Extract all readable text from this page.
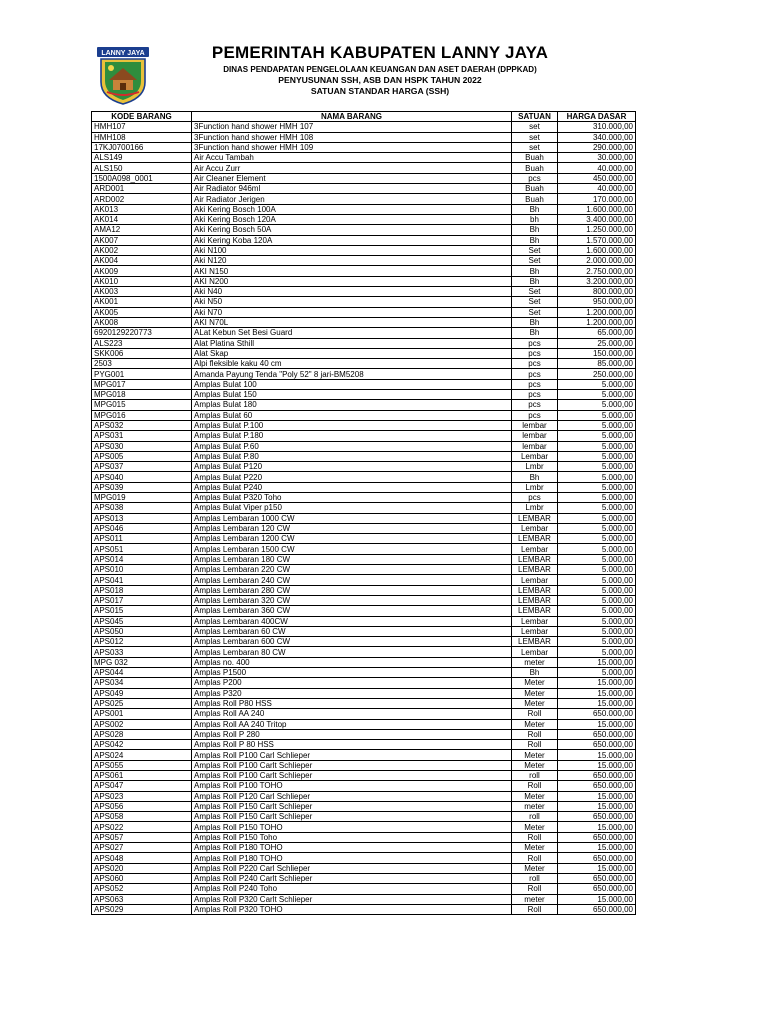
LANNY JAYA	PEMERINTAH KABUPATEN LANNY JAYA
DINAS PENDAPATAN PENGELOLAAN KEUANGAN DAN ASET DAERAH (DPPKAD)
PENYUSUNAN SSH, ASB DAN HSPK TAHUN 2022
SATUAN STANDAR HARGA (SSH)
KODE BARANG	NAMA BARANG	SATUAN	HARGA DASAR
HMH107	3Function hand shower HMH 107	set	310.000,00
HMH108	3Function hand shower HMH 108	set	340.000,00
17KJ0700166	3Function hand shower HMH 109	set	290.000,00
ALS149	Air Accu Tambah	Buah	30.000,00
ALS150	Air Accu Zurr	Buah	40.000,00
1500A098_0001	Air Cleaner Element	pcs	450.000,00
ARD001	Air Radiator 946ml	Buah	40.000,00
ARD002	Air Radiator Jerigen	Buah	170.000,00
AK013	Aki Kering Bosch 100A	Bh	1.600.000,00
AK014	Aki Kering Bosch 120A	bh	3.400.000,00
AMA12	Aki Kering Bosch 50A	Bh	1.250.000,00
AK007	Aki Kering Koba 120A	Bh	1.570.000,00
AK002	Aki N100	Set	1.600.000,00
AK004	Aki N120	Set	2.000.000,00
AK009	AKI N150	Bh	2.750.000,00
AK010	AKI N200	Bh	3.200.000,00
AK003	Aki N40	Set	800.000,00
AK001	Aki N50	Set	950.000,00
AK005	Aki N70	Set	1.200.000,00
AK008	AKI N70L	Bh	1.200.000,00
6920129220773	ALat Kebun Set Besi Guard	Bh	65.000,00
ALS223	Alat Platina Sthill	pcs	25.000,00
SKK006	Alat Skap	pcs	150.000,00
2503	Alpi fleksible kaku 40 cm	pcs	85.000,00
PYG001	Amanda Payung Tenda "Poly 52" 8 jari-BM5208	pcs	250.000,00
MPG017	Amplas Bulat 100	pcs	5.000,00
MPG018	Amplas Bulat 150	pcs	5.000,00
MPG015	Amplas Bulat 180	pcs	5.000,00
MPG016	Amplas Bulat 60	pcs	5.000,00
APS032	Amplas Bulat P.100	lembar	5.000,00
APS031	Amplas Bulat P.180	lembar	5.000,00
APS030	Amplas Bulat P.60	lembar	5.000,00
APS005	Amplas Bulat P.80	Lembar	5.000,00
APS037	Amplas Bulat P120	Lmbr	5.000,00
APS040	Amplas Bulat P220	Bh	5.000,00
APS039	Amplas Bulat P240	Lmbr	5.000,00
MPG019	Amplas Bulat P320 Toho	pcs	5.000,00
APS038	Amplas Bulat Viper p150	Lmbr	5.000,00
APS013	Amplas Lembaran 1000 CW	LEMBAR	5.000,00
APS046	Amplas Lembaran 120 CW	Lembar	5.000,00
APS011	Amplas Lembaran 1200 CW	LEMBAR	5.000,00
APS051	Amplas Lembaran 1500 CW	Lembar	5.000,00
APS014	Amplas Lembaran 180 CW	LEMBAR	5.000,00
APS010	Amplas Lembaran 220 CW	LEMBAR	5.000,00
APS041	Amplas Lembaran 240 CW	Lembar	5.000,00
APS018	Amplas Lembaran 280 CW	LEMBAR	5.000,00
APS017	Amplas Lembaran 320 CW	LEMBAR	5.000,00
APS015	Amplas Lembaran 360 CW	LEMBAR	5.000,00
APS045	Amplas Lembaran 400CW	Lembar	5.000,00
APS050	Amplas Lembaran 60 CW	Lembar	5.000,00
APS012	Amplas Lembaran 600 CW	LEMBAR	5.000,00
APS033	Amplas Lembaran 80 CW	Lembar	5.000,00
MPG 032	Amplas no. 400	meter	15.000,00
APS044	Amplas P1500	Bh	5.000,00
APS034	Amplas P200	Meter	15.000,00
APS049	Amplas P320	Meter	15.000,00
APS025	Amplas Roll P80 HSS	Meter	15.000,00
APS001	Amplas Roll AA 240	Roll	650.000,00
APS002	Amplas Roll AA 240 Tritop	Meter	15.000,00
APS028	Amplas Roll P 280	Roll	650.000,00
APS042	Amplas Roll P 80 HSS	Roll	650.000,00
APS024	Amplas Roll P100 Carl Schlieper	Meter	15.000,00
APS055	Amplas Roll P100 Carlt Schlieper	Meter	15.000,00
APS061	Amplas Roll P100 Carlt Schlieper	roll	650.000,00
APS047	Amplas Roll P100 TOHO	Roll	650.000,00
APS023	Amplas Roll P120 Carl Schlieper	Meter	15.000,00
APS056	Amplas Roll P150 Carlt Schlieper	meter	15.000,00
APS058	Amplas Roll P150 Carlt Schlieper	roll	650.000,00
APS022	Amplas Roll P150 TOHO	Meter	15.000,00
APS057	Amplas Roll P150 Toho	Roll	650.000,00
APS027	Amplas Roll P180 TOHO	Meter	15.000,00
APS048	Amplas Roll P180 TOHO	Roll	650.000,00
APS020	Amplas Roll P220 Carl Schlieper	Meter	15.000,00
APS060	Amplas Roll P240 Carlt Schlieper	roll	650.000,00
APS052	Amplas Roll P240 Toho	Roll	650.000,00
APS063	Amplas Roll P320 Carlt Schlieper	meter	15.000,00
APS029	Amplas Roll P320 TOHO	Roll	650.000,00
